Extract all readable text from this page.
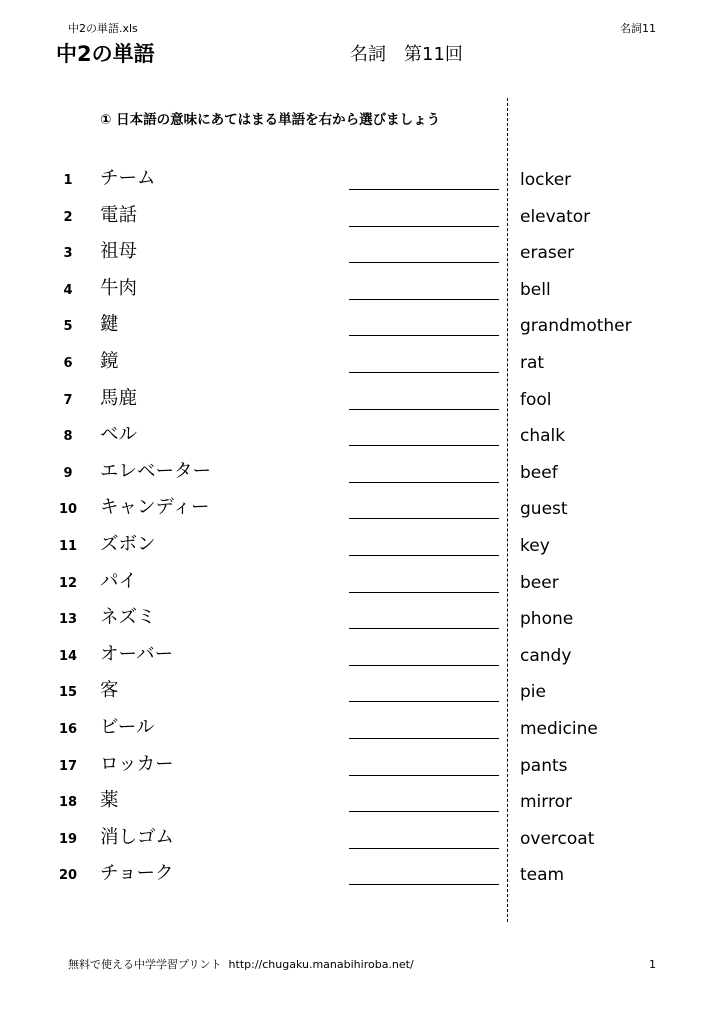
中2の単語.xls	名詞11
中2の単語	名詞　第11回
① 日本語の意味にあてはまる単語を右から選びましょう
1	チーム	locker
2	電話	elevator
3	祖母	eraser
4	牛肉	bell
5	鍵	grandmother
6	鏡	rat
7	馬鹿	fool
8	ベル	chalk
9	エレベーター	beef
10 キャンディー	guest
11 ズボン	key
12 パイ	beer
13 ネズミ	phone
14 オーバー	candy
15 客	pie
16 ビール	medicine
17 ロッカー	pants
18 薬	mirror
19 消しゴム	overcoat
20 チョーク	team
無料で使える中学学習プリント  http://chugaku.manabihiroba.net/	1
